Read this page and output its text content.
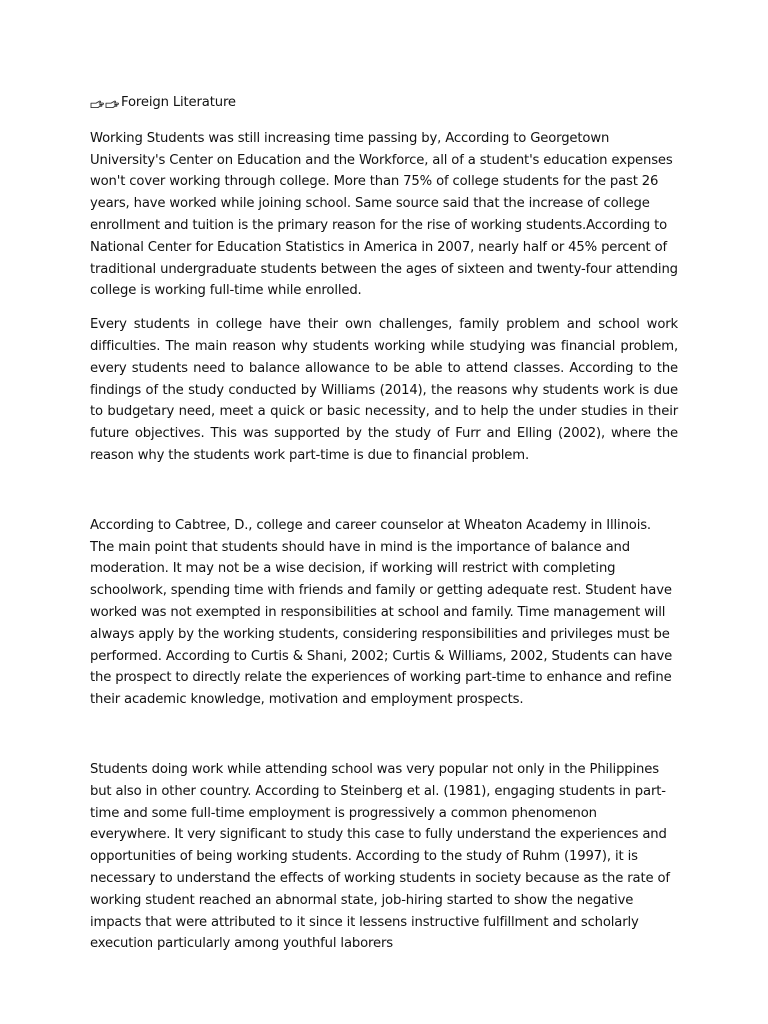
Foreign Literature

Working Students was still increasing time passing by, According to Georgetown University's Center on Education and the Workforce, all of a student's education expenses won't cover working through college. More than 75% of college students for the past 26 years, have worked while joining school. Same source said that the increase of college enrollment and tuition is the primary reason for the rise of working students.According to National Center for Education Statistics in America in 2007, nearly half or 45% percent of traditional undergraduate students between the ages of sixteen and twenty-four attending college is working full-time while enrolled.

Every students in college have their own challenges, family problem and school work difficulties. The main reason why students working while studying was financial problem, every students need to balance allowance to be able to attend classes. According to the findings of the study conducted by Williams (2014), the reasons why students work is due to budgetary need, meet a quick or basic necessity, and to help the under studies in their future objectives. This was supported by the study of Furr and Elling (2002), where the reason why the students work part-time is due to financial problem.

According to Cabtree, D., college and career counselor at Wheaton Academy in Illinois. The main point that students should have in mind is the importance of balance and moderation. It may not be a wise decision, if working will restrict with completing schoolwork, spending time with friends and family or getting adequate rest. Student have worked was not exempted in responsibilities at school and family. Time management will always apply by the working students, considering responsibilities and privileges must be performed. According to Curtis & Shani, 2002; Curtis & Williams, 2002, Students can have the prospect to directly relate the experiences of working part-time to enhance and refine their academic knowledge, motivation and employment prospects.

Students doing work while attending school was very popular not only in the Philippines but also in other country. According to Steinberg et al. (1981), engaging students in part-time and some full-time employment is progressively a common phenomenon everywhere. It very significant to study this case to fully understand the experiences and opportunities of being working students. According to the study of Ruhm (1997), it is necessary to understand the effects of working students in society because as the rate of working student reached an abnormal state, job-hiring started to show the negative impacts that were attributed to it since it lessens instructive fulfillment and scholarly execution particularly among youthful laborers
